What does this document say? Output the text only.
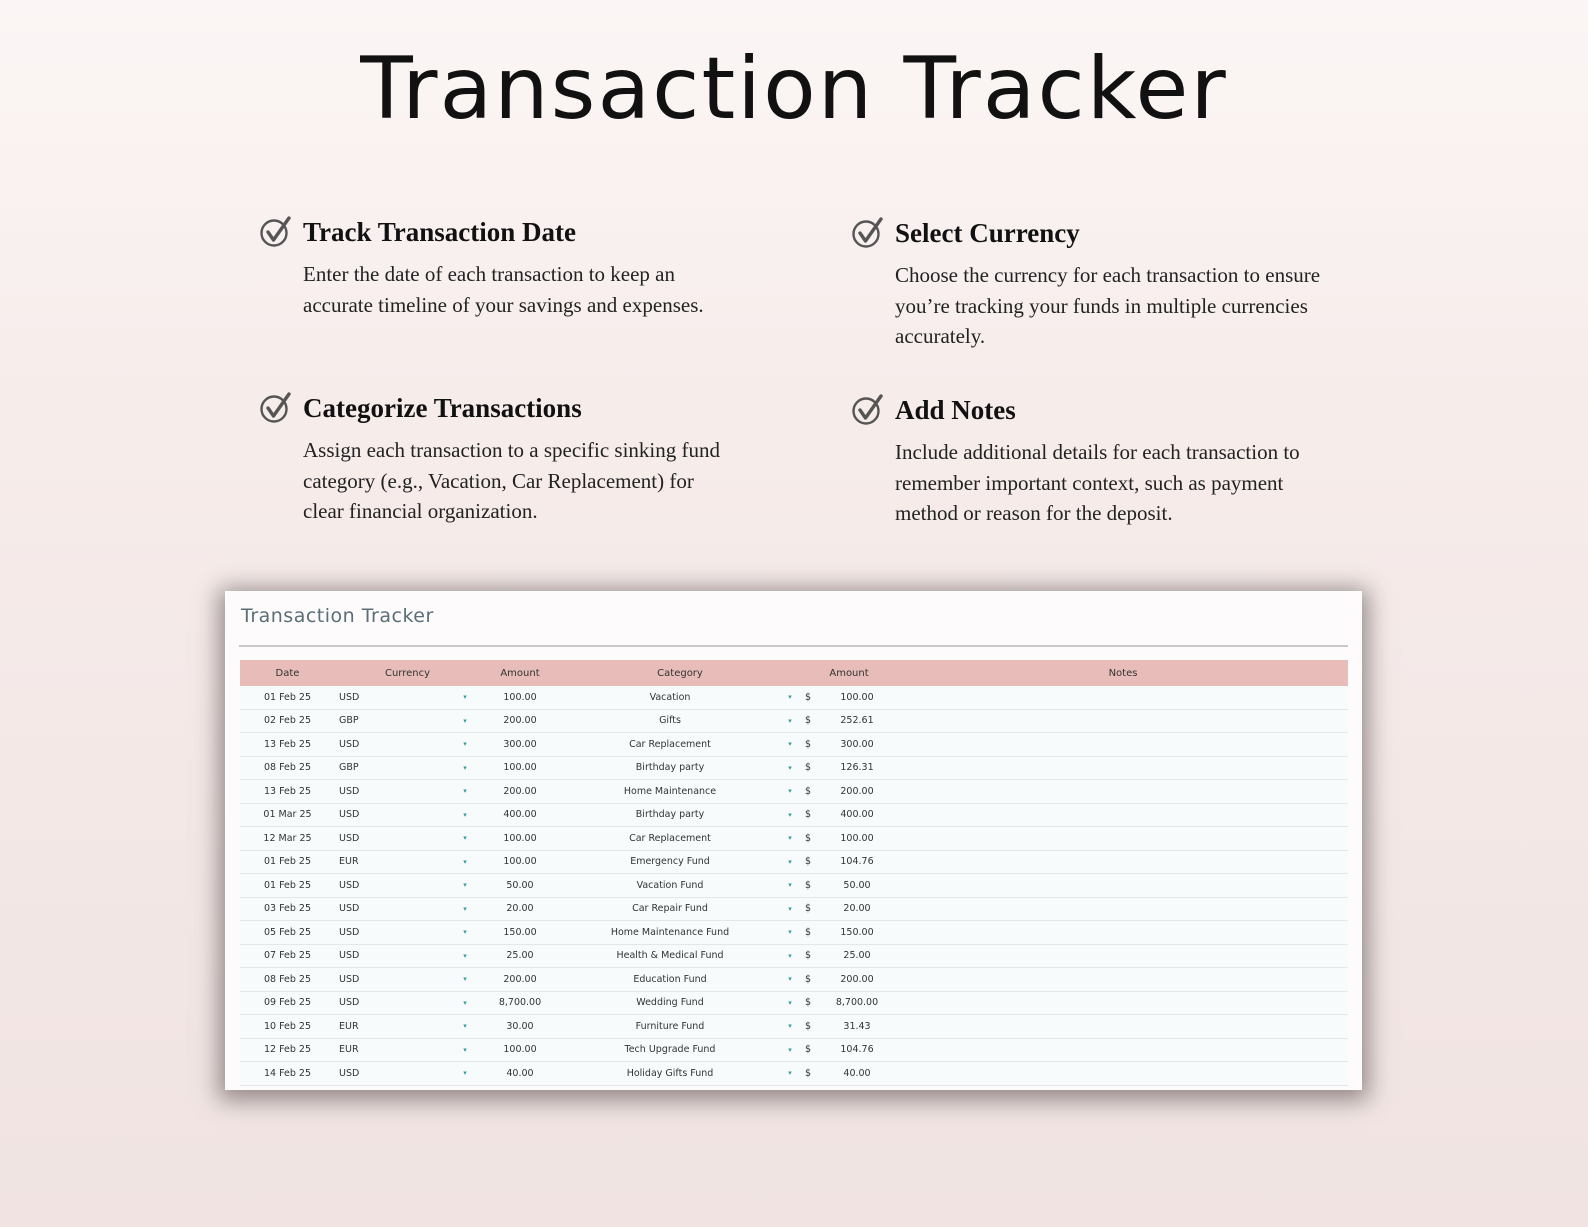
Transaction Tracker
Track Transaction Date

Enter the date of each transaction to keep an accurate timeline of your savings and expenses.

Select Currency

Choose the currency for each transaction to ensure you’re tracking your funds in multiple currencies accurately.

Categorize Transactions

Assign each transaction to a specific sinking fund category (e.g., Vacation, Car Replacement) for clear financial organization.

Add Notes

Include additional details for each transaction to remember important context, such as payment method or reason for the deposit.

Transaction Tracker
Date	Currency		Amount	Category		Amount		Notes
01 Feb 25	USD	▾	100.00	Vacation	▾	$	100.00	
02 Feb 25	GBP	▾	200.00	Gifts	▾	$	252.61	
13 Feb 25	USD	▾	300.00	Car Replacement	▾	$	300.00	
08 Feb 25	GBP	▾	100.00	Birthday party	▾	$	126.31	
13 Feb 25	USD	▾	200.00	Home Maintenance	▾	$	200.00	
01 Mar 25	USD	▾	400.00	Birthday party	▾	$	400.00	
12 Mar 25	USD	▾	100.00	Car Replacement	▾	$	100.00	
01 Feb 25	EUR	▾	100.00	Emergency Fund	▾	$	104.76	
01 Feb 25	USD	▾	50.00	Vacation Fund	▾	$	50.00	
03 Feb 25	USD	▾	20.00	Car Repair Fund	▾	$	20.00	
05 Feb 25	USD	▾	150.00	Home Maintenance Fund	▾	$	150.00	
07 Feb 25	USD	▾	25.00	Health & Medical Fund	▾	$	25.00	
08 Feb 25	USD	▾	200.00	Education Fund	▾	$	200.00	
09 Feb 25	USD	▾	8,700.00	Wedding Fund	▾	$	8,700.00	
10 Feb 25	EUR	▾	30.00	Furniture Fund	▾	$	31.43	
12 Feb 25	EUR	▾	100.00	Tech Upgrade Fund	▾	$	104.76	
14 Feb 25	USD	▾	40.00	Holiday Gifts Fund	▾	$	40.00	
